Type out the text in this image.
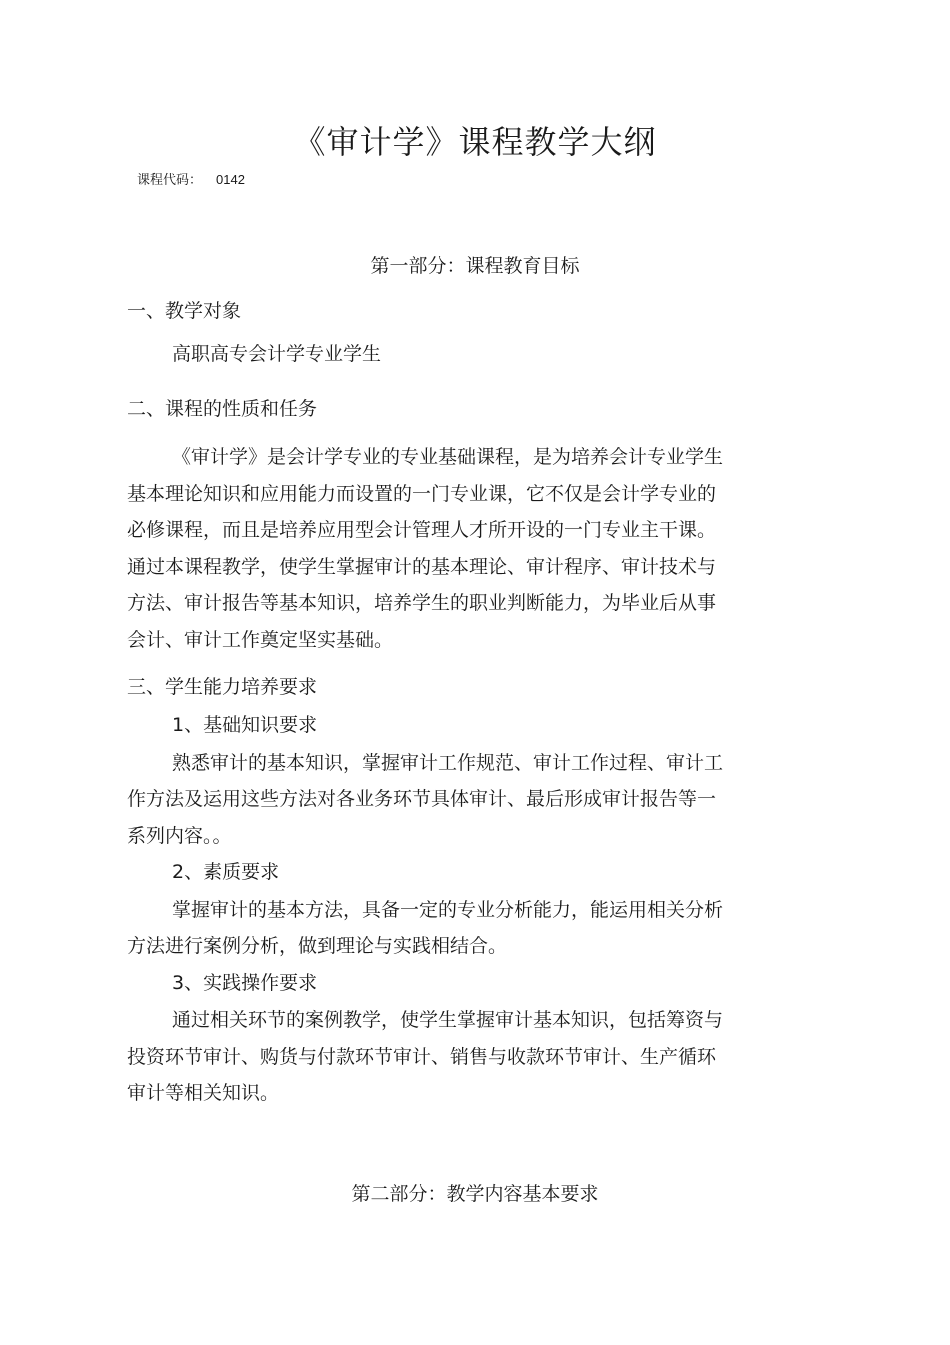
《审计学》课程教学大纲
课程代码： 0142
第一部分：课程教育目标
一、教学对象
高职高专会计学专业学生
二、课程的性质和任务
《审计学》是会计学专业的专业基础课程，是为培养会计专业学生
基本理论知识和应用能力而设置的一门专业课，它不仅是会计学专业的
必修课程，而且是培养应用型会计管理人才所开设的一门专业主干课。
通过本课程教学，使学生掌握审计的基本理论、审计程序、审计技术与
方法、审计报告等基本知识，培养学生的职业判断能力，为毕业后从事
会计、审计工作奠定坚实基础。
三、学生能力培养要求
1、基础知识要求
熟悉审计的基本知识，掌握审计工作规范、审计工作过程、审计工
作方法及运用这些方法对各业务环节具体审计、最后形成审计报告等一
系列内容。。
2、素质要求
掌握审计的基本方法，具备一定的专业分析能力，能运用相关分析
方法进行案例分析，做到理论与实践相结合。
3、实践操作要求
通过相关环节的案例教学，使学生掌握审计基本知识，包括筹资与
投资环节审计、购货与付款环节审计、销售与收款环节审计、生产循环
审计等相关知识。
第二部分：教学内容基本要求
